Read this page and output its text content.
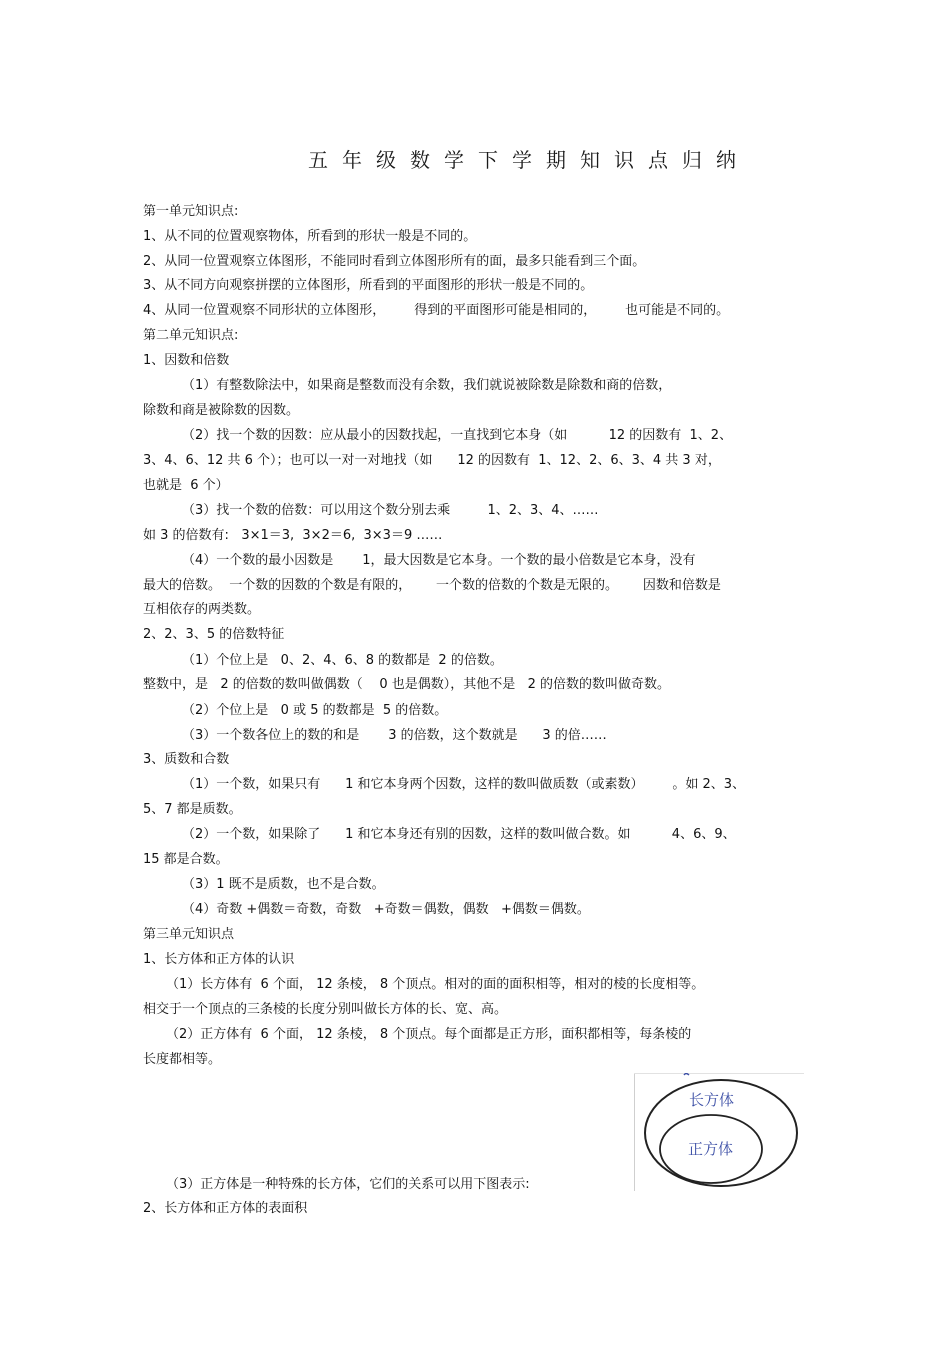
五年级数学下学期知识点归纳
第一单元知识点:
1、从不同的位置观察物体，所看到的形状一般是不同的。
2、从同一位置观察立体图形，不能同时看到立体图形所有的面，最多只能看到三个面。
3、从不同方向观察拼摆的立体图形，所看到的平面图形的形状一般是不同的。
4、从同一位置观察不同形状的立体图形，       得到的平面图形可能是相同的，       也可能是不同的。
第二单元知识点:
1、因数和倍数
（1）有整数除法中，如果商是整数而没有余数，我们就说被除数是除数和商的倍数，
除数和商是被除数的因数。
（2）找一个数的因数：应从最小的因数找起，一直找到它本身（如          12 的因数有  1、2、
3、4、6、12 共 6 个）；也可以一对一对地找（如      12 的因数有  1、12、2、6、3、4 共 3 对，
也就是  6 个）
（3）找一个数的倍数：可以用这个数分别去乘         1、2、3、4、……
如 3 的倍数有:   3×1＝3,  3×2＝6,  3×3＝9 ……
（4）一个数的最小因数是       1，最大因数是它本身。一个数的最小倍数是它本身，没有
最大的倍数。  一个数的因数的个数是有限的，      一个数的倍数的个数是无限的。      因数和倍数是
互相依存的两类数。
2、2、3、5 的倍数特征
（1）个位上是   0、2、4、6、8 的数都是  2 的倍数。
整数中，是   2 的倍数的数叫做偶数（    0 也是偶数），其他不是   2 的倍数的数叫做奇数。
（2）个位上是   0 或 5 的数都是  5 的倍数。
（3）一个数各位上的数的和是       3 的倍数，这个数就是      3 的倍……
3、质数和合数
（1）一个数，如果只有      1 和它本身两个因数，这样的数叫做质数（或素数）       。如 2、3、
5、7 都是质数。
（2）一个数，如果除了      1 和它本身还有别的因数，这样的数叫做合数。如          4、6、9、
15 都是合数。
（3）1 既不是质数，也不是合数。
（4）奇数 +偶数＝奇数，奇数   +奇数＝偶数，偶数   +偶数＝偶数。
第三单元知识点
1、长方体和正方体的认识
（1）长方体有  6 个面， 12 条棱， 8 个顶点。相对的面的面积相等，相对的棱的长度相等。
相交于一个顶点的三条棱的长度分别叫做长方体的长、宽、高。
（2）正方体有  6 个面， 12 条棱， 8 个顶点。每个面都是正方形，面积都相等，每条棱的
长度都相等。
（3）正方体是一种特殊的长方体，它们的关系可以用下图表示:
2、长方体和正方体的表面积
长方体
正方体
